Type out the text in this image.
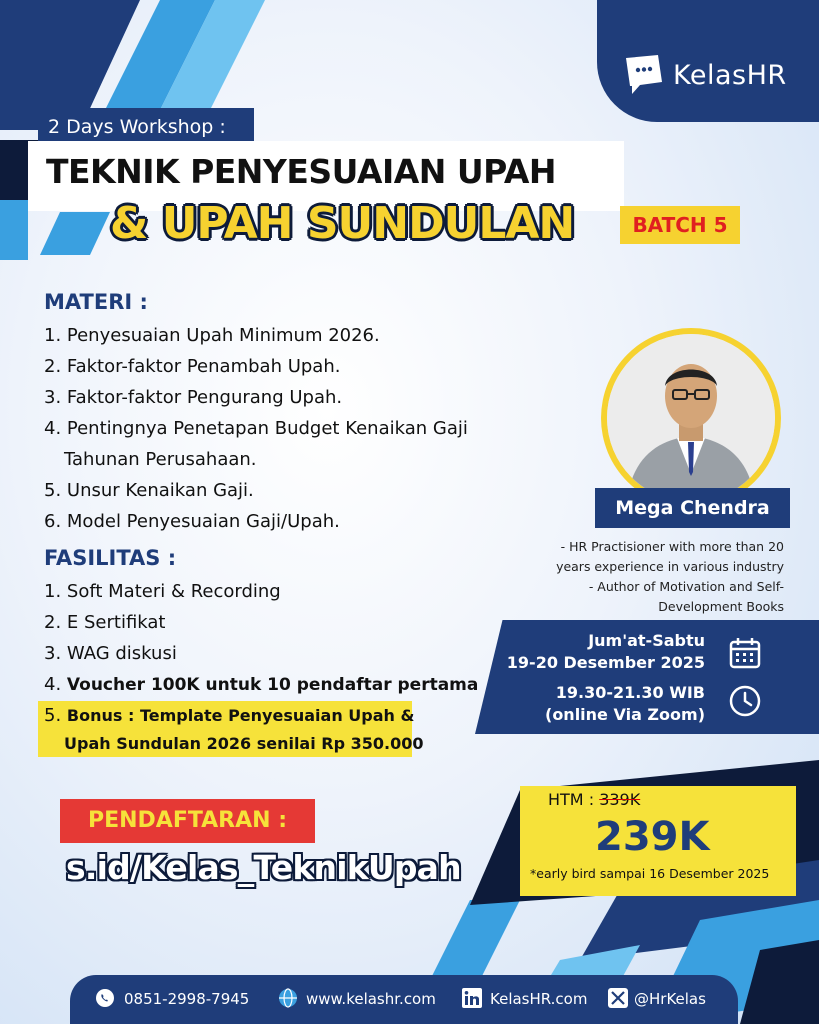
KelasHR
2 Days Workshop :
TEKNIK PENYESUAIAN UPAH
& UPAH SUNDULAN	BATCH 5
MATERI :
1. Penyesuaian Upah Minimum 2026.
2. Faktor-faktor Penambah Upah.
3. Faktor-faktor Pengurang Upah.
4. Pentingnya Penetapan Budget Kenaikan Gaji
Tahunan Perusahaan.
5. Unsur Kenaikan Gaji.
6. Model Penyesuaian Gaji/Upah.
FASILITAS :
1. Soft Materi & Recording
2. E Sertifikat
3. WAG diskusi
4. Voucher 100K untuk 10 pendaftar pertama
5. Bonus : Template Penyesuaian Upah &
Upah Sundulan 2026 senilai Rp 350.000
Mega Chendra
- HR Practisioner with more than 20
years experience in various industry
- Author of Motivation and Self-
Development Books
Jum'at-Sabtu
19-20 Desember 2025
19.30-21.30 WIB
(online Via Zoom)
HTM : 339K
239K
*early bird sampai 16 Desember 2025
PENDAFTARAN :
s.id/Kelas_TeknikUpah
0851-2998-7945	www.kelashr.com	KelasHR.com	@HrKelas
